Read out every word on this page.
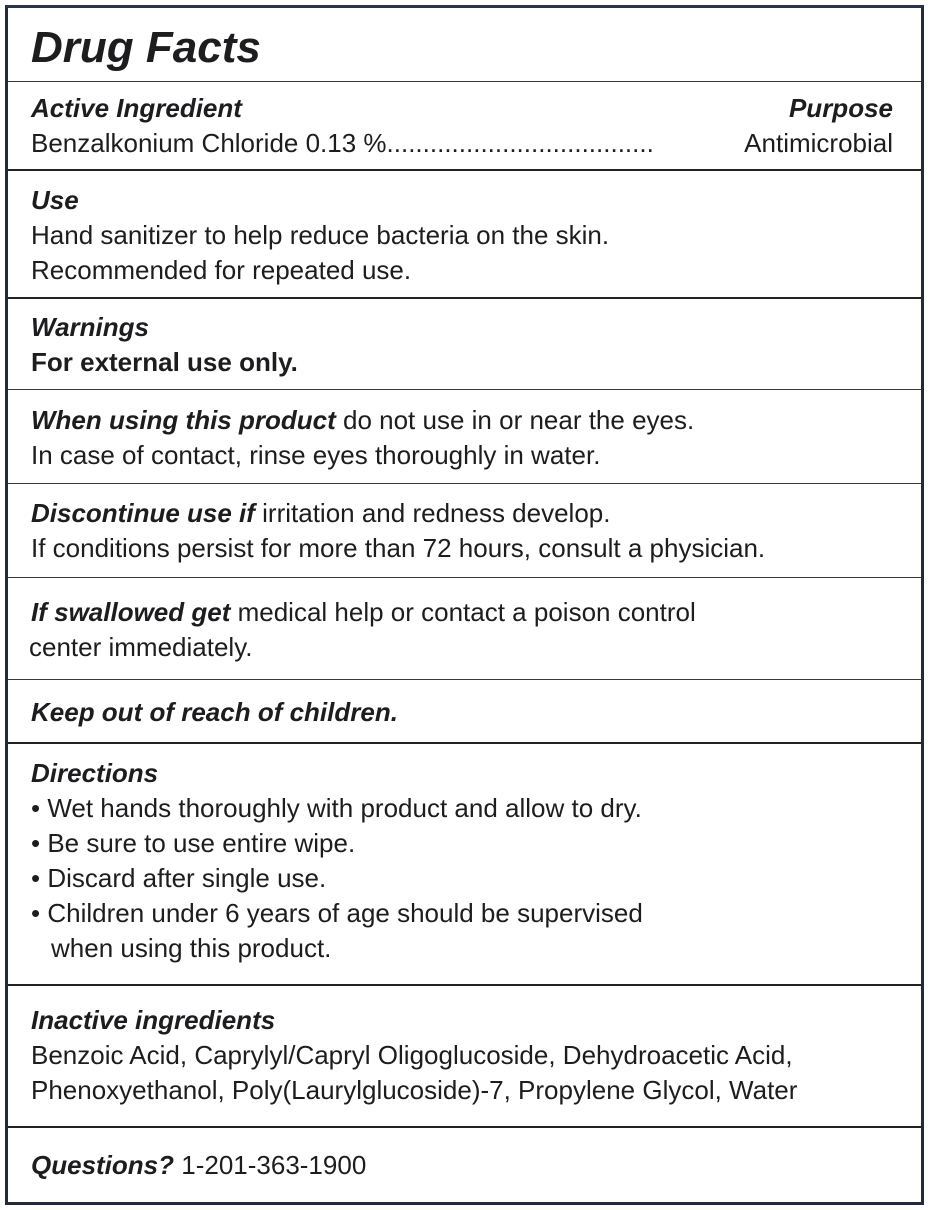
Drug Facts
Active Ingredient	Purpose
Benzalkonium Chloride 0.13 %.....................................	Antimicrobial
Use
Hand sanitizer to help reduce bacteria on the skin.
Recommended for repeated use.
Warnings
For external use only.
When using this product do not use in or near the eyes.
In case of contact, rinse eyes thoroughly in water.
Discontinue use if irritation and redness develop.
If conditions persist for more than 72 hours, consult a physician.
If swallowed get medical help or contact a poison control
center immediately.
Keep out of reach of children.
Directions
• Wet hands thoroughly with product and allow to dry.
• Be sure to use entire wipe.
• Discard after single use.
• Children under 6 years of age should be supervised
when using this product.
Inactive ingredients
Benzoic Acid, Caprylyl/Capryl Oligoglucoside, Dehydroacetic Acid,
Phenoxyethanol, Poly(Laurylglucoside)-7, Propylene Glycol, Water
Questions? 1-201-363-1900
